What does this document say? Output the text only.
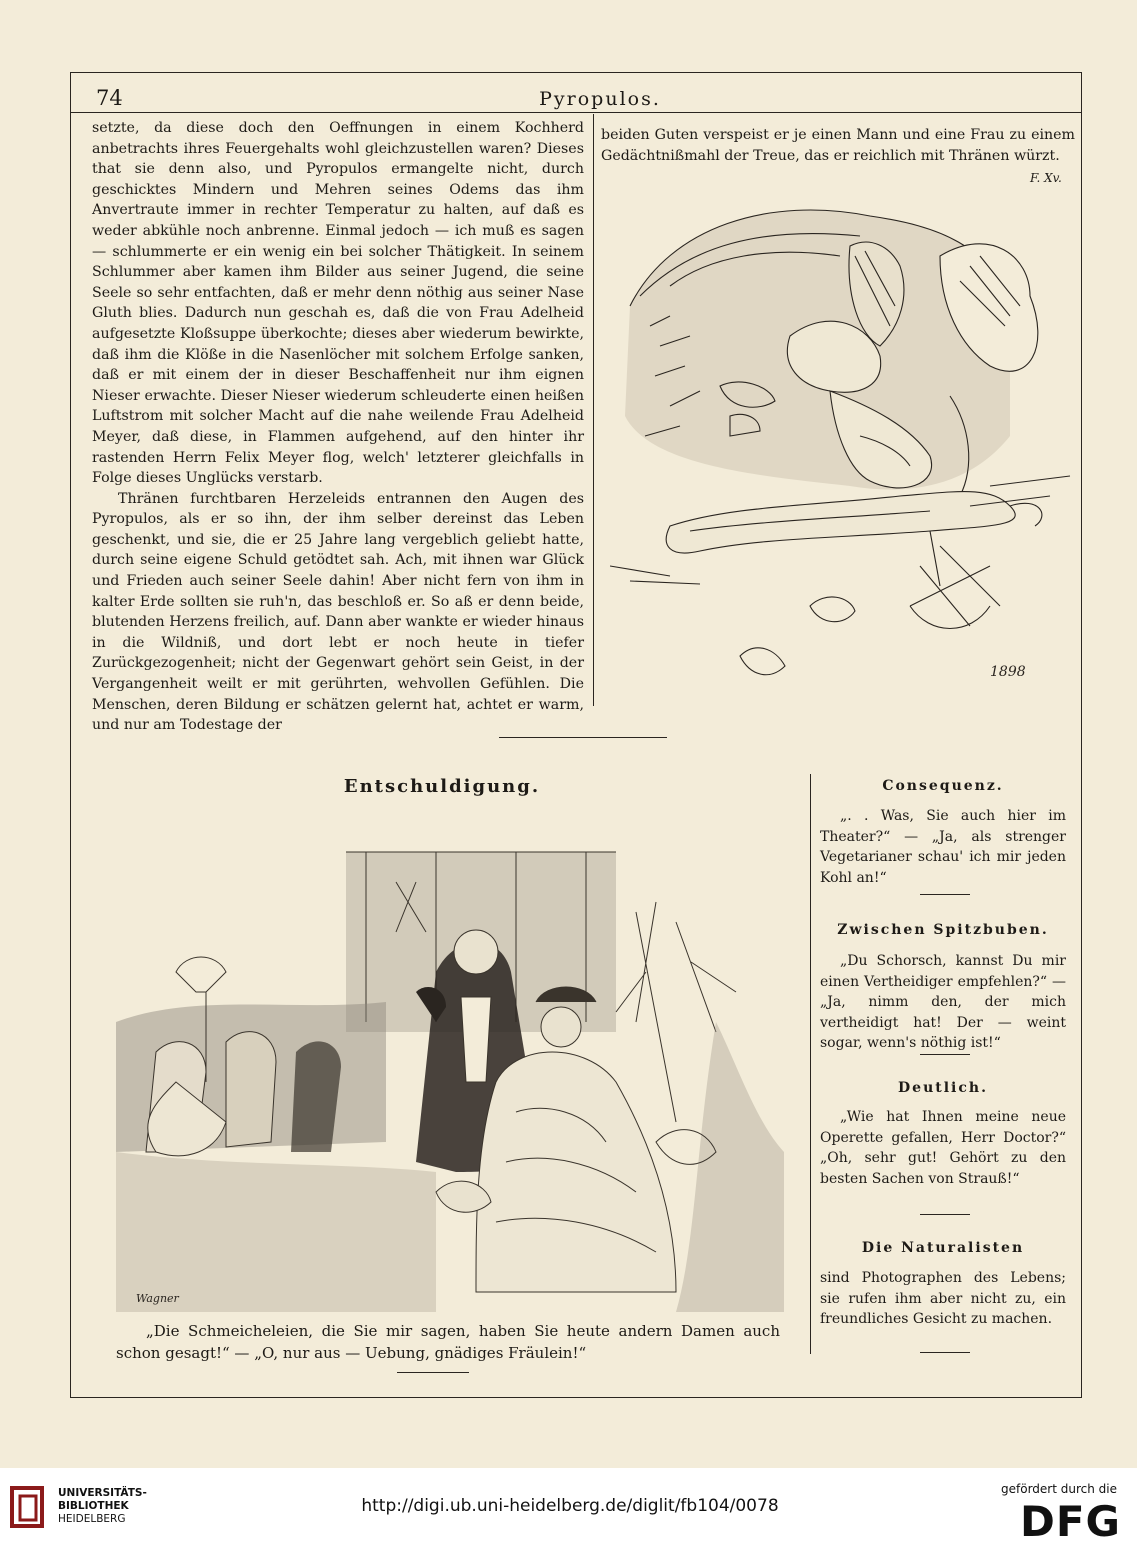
74	Pyropulos.

setzte, da diese doch den Oeffnungen in einem Kochherd anbetrachts ihres Feuergehalts wohl gleichzustellen waren? Dieses that sie denn also, und Pyropulos ermangelte nicht, durch geschicktes Mindern und Mehren seines Odems das ihm Anvertraute immer in rechter Temperatur zu halten, auf daß es weder abkühle noch anbrenne. Einmal jedoch — ich muß es sagen — schlummerte er ein wenig ein bei solcher Thätigkeit. In seinem Schlummer aber kamen ihm Bilder aus seiner Jugend, die seine Seele so sehr entfachten, daß er mehr denn nöthig aus seiner Nase Gluth blies. Dadurch nun geschah es, daß die von Frau Adelheid aufgesetzte Kloßsuppe überkochte; dieses aber wiederum bewirkte, daß ihm die Klöße in die Nasenlöcher mit solchem Erfolge sanken, daß er mit einem der in dieser Beschaffenheit nur ihm eignen Nieser erwachte. Dieser Nieser wiederum schleuderte einen heißen Luftstrom mit solcher Macht auf die nahe weilende Frau Adelheid Meyer, daß diese, in Flammen aufgehend, auf den hinter ihr rastenden Herrn Felix Meyer flog, welch' letzterer gleichfalls in Folge dieses Unglücks verstarb.

Thränen furchtbaren Herzeleids entrannen den Augen des Pyropulos, als er so ihn, der ihm selber dereinst das Leben geschenkt, und sie, die er 25 Jahre lang vergeblich geliebt hatte, durch seine eigene Schuld getödtet sah. Ach, mit ihnen war Glück und Frieden auch seiner Seele dahin! Aber nicht fern von ihm in kalter Erde sollten sie ruh'n, das beschloß er. So aß er denn beide, blutenden Herzens freilich, auf. Dann aber wankte er wieder hinaus in die Wildniß, und dort lebt er noch heute in tiefer Zurückgezogenheit; nicht der Gegenwart gehört sein Geist, in der Vergangenheit weilt er mit gerührten, wehvollen Gefühlen. Die Menschen, deren Bildung er schätzen gelernt hat, achtet er warm, und nur am Todestage der

beiden Guten verspeist er je einen Mann und eine Frau zu einem Gedächtnißmahl der Treue, das er reichlich mit Thränen würzt.
F. Xv.
1898
Entschuldigung.
Wagner
„Die Schmeicheleien, die Sie mir sagen, haben Sie heute andern Damen auch schon gesagt!“ — „O, nur aus — Uebung, gnädiges Fräulein!“
Consequenz.
„. . Was, Sie auch hier im Theater?“ — „Ja, als strenger Vegetarianer schau' ich mir jeden Kohl an!“
Zwischen Spitzbuben.
„Du Schorsch, kannst Du mir einen Vertheidiger empfehlen?“ — „Ja, nimm den, der mich vertheidigt hat! Der — weint sogar, wenn's nöthig ist!“
Deutlich.
„Wie hat Ihnen meine neue Operette gefallen, Herr Doctor?“ „Oh, sehr gut! Gehört zu den besten Sachen von Strauß!“
Die Naturalisten
sind Photographen des Lebens; sie rufen ihm aber nicht zu, ein freundliches Gesicht zu machen.
UNIVERSITÄTS-
BIBLIOTHEK
HEIDELBERG
http://digi.ub.uni-heidelberg.de/diglit/fb104/0078
gefördert durch die
DFG
